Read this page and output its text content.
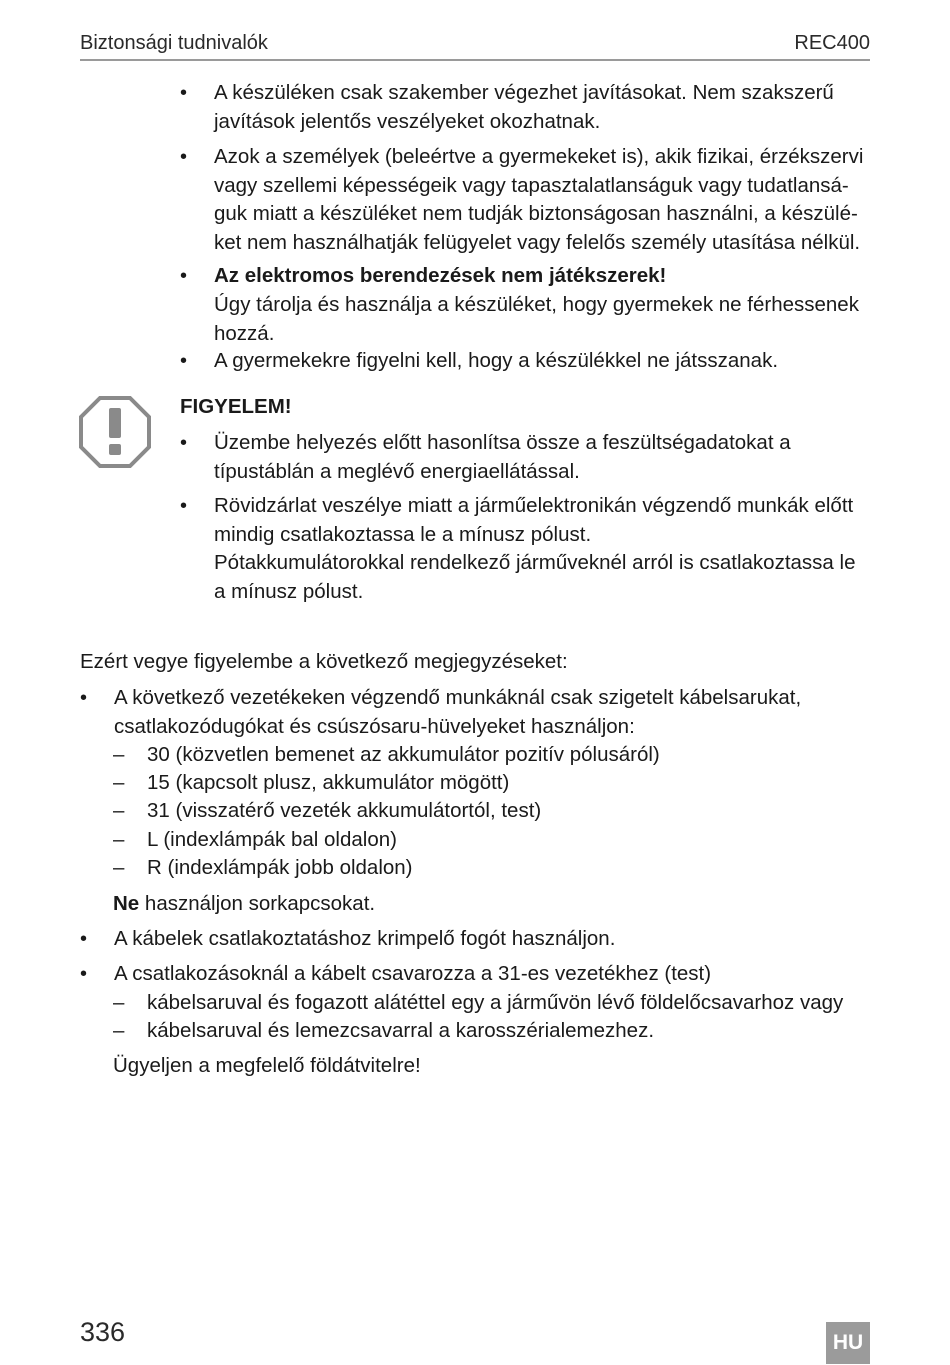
Biztonsági tudnivalók	REC400
• A készüléken csak szakember végezhet javításokat. Nem szakszerű
javítások jelentős veszélyeket okozhatnak.
• Azok a személyek (beleértve a gyermekeket is), akik fizikai, érzékszervi
vagy szellemi képességeik vagy tapasztalatlanságuk vagy tudatlansá-
guk miatt a készüléket nem tudják biztonságosan használni, a készülé-
ket nem használhatják felügyelet vagy felelős személy utasítása nélkül.
• Az elektromos berendezések nem játékszerek!
Úgy tárolja és használja a készüléket, hogy gyermekek ne férhessenek
hozzá.
• A gyermekekre figyelni kell, hogy a készülékkel ne játsszanak.
FIGYELEM!
• Üzembe helyezés előtt hasonlítsa össze a feszültségadatokat a
típustáblán a meglévő energiaellátással.
• Rövidzárlat veszélye miatt a járműelektronikán végzendő munkák előtt
mindig csatlakoztassa le a mínusz pólust.
Pótakkumulátorokkal rendelkező járműveknél arról is csatlakoztassa le
a mínusz pólust.
Ezért vegye figyelembe a következő megjegyzéseket:
• A következő vezetékeken végzendő munkáknál csak szigetelt kábelsarukat,
csatlakozódugókat és csúszósaru-hüvelyeket használjon:
– 30 (közvetlen bemenet az akkumulátor pozitív pólusáról)
– 15 (kapcsolt plusz, akkumulátor mögött)
– 31 (visszatérő vezeték akkumulátortól, test)
– L (indexlámpák bal oldalon)
– R (indexlámpák jobb oldalon)
Ne használjon sorkapcsokat.
• A kábelek csatlakoztatáshoz krimpelő fogót használjon.
• A csatlakozásoknál a kábelt csavarozza a 31-es vezetékhez (test)
– kábelsaruval és fogazott alátéttel egy a járművön lévő földelőcsavarhoz vagy
– kábelsaruval és lemezcsavarral a karosszérialemezhez.
Ügyeljen a megfelelő földátvitelre!
336	HU
